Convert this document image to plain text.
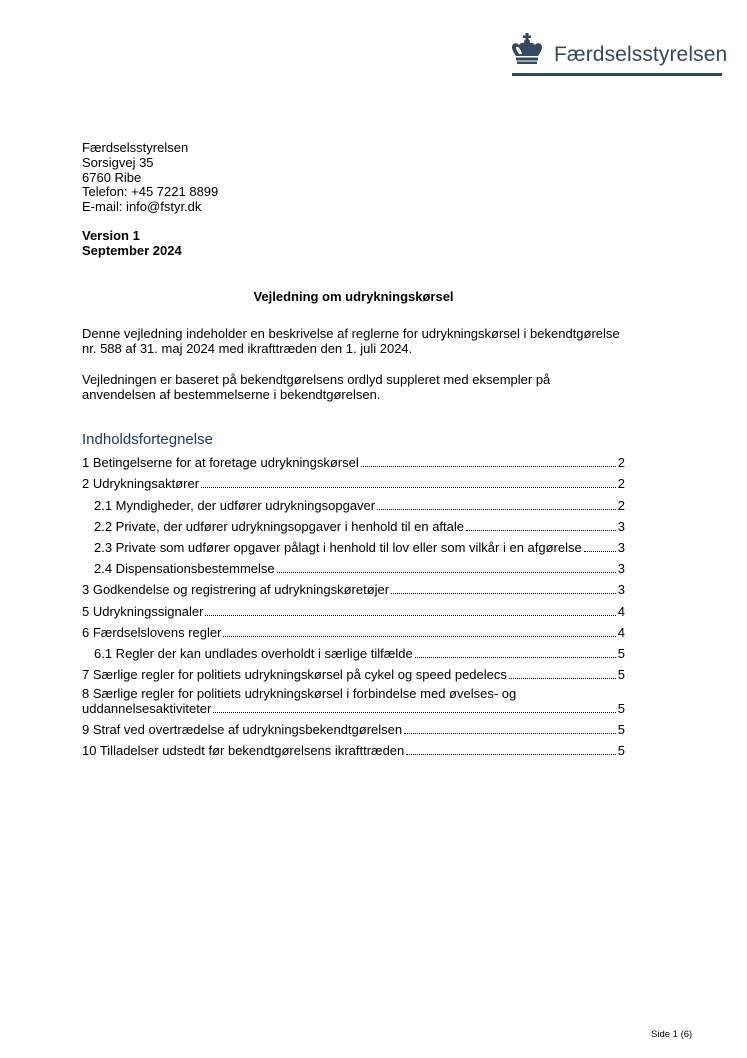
Færdselsstyrelsen
Færdselsstyrelsen
Sorsigvej 35
6760 Ribe
Telefon: +45 7221 8899
E-mail: info@fstyr.dk
Version 1
September 2024
Vejledning om udrykningskørsel
Denne vejledning indeholder en beskrivelse af reglerne for udrykningskørsel i bekendtgørelse nr. 588 af 31. maj 2024 med ikrafttræden den 1. juli 2024.
Vejledningen er baseret på bekendtgørelsens ordlyd suppleret med eksempler på anvendelsen af bestemmelserne i bekendtgørelsen.
Indholdsfortegnelse
1 Betingelserne for at foretage udrykningskørsel	2
2 Udrykningsaktører	2
2.1 Myndigheder, der udfører udrykningsopgaver	2
2.2 Private, der udfører udrykningsopgaver i henhold til en aftale	3
2.3 Private som udfører opgaver pålagt i henhold til lov eller som vilkår i en afgørelse	3
2.4 Dispensationsbestemmelse	3
3 Godkendelse og registrering af udrykningskøretøjer	3
5 Udrykningssignaler	4
6 Færdselslovens regler	4
6.1 Regler der kan undlades overholdt i særlige tilfælde	5
7 Særlige regler for politiets udrykningskørsel på cykel og speed pedelecs	5
8 Særlige regler for politiets udrykningskørsel i forbindelse med øvelses- og
uddannelsesaktiviteter	5
9 Straf ved overtrædelse af udrykningsbekendtgørelsen	5
10 Tilladelser udstedt før bekendtgørelsens ikrafttræden	5
Side 1 (6)
